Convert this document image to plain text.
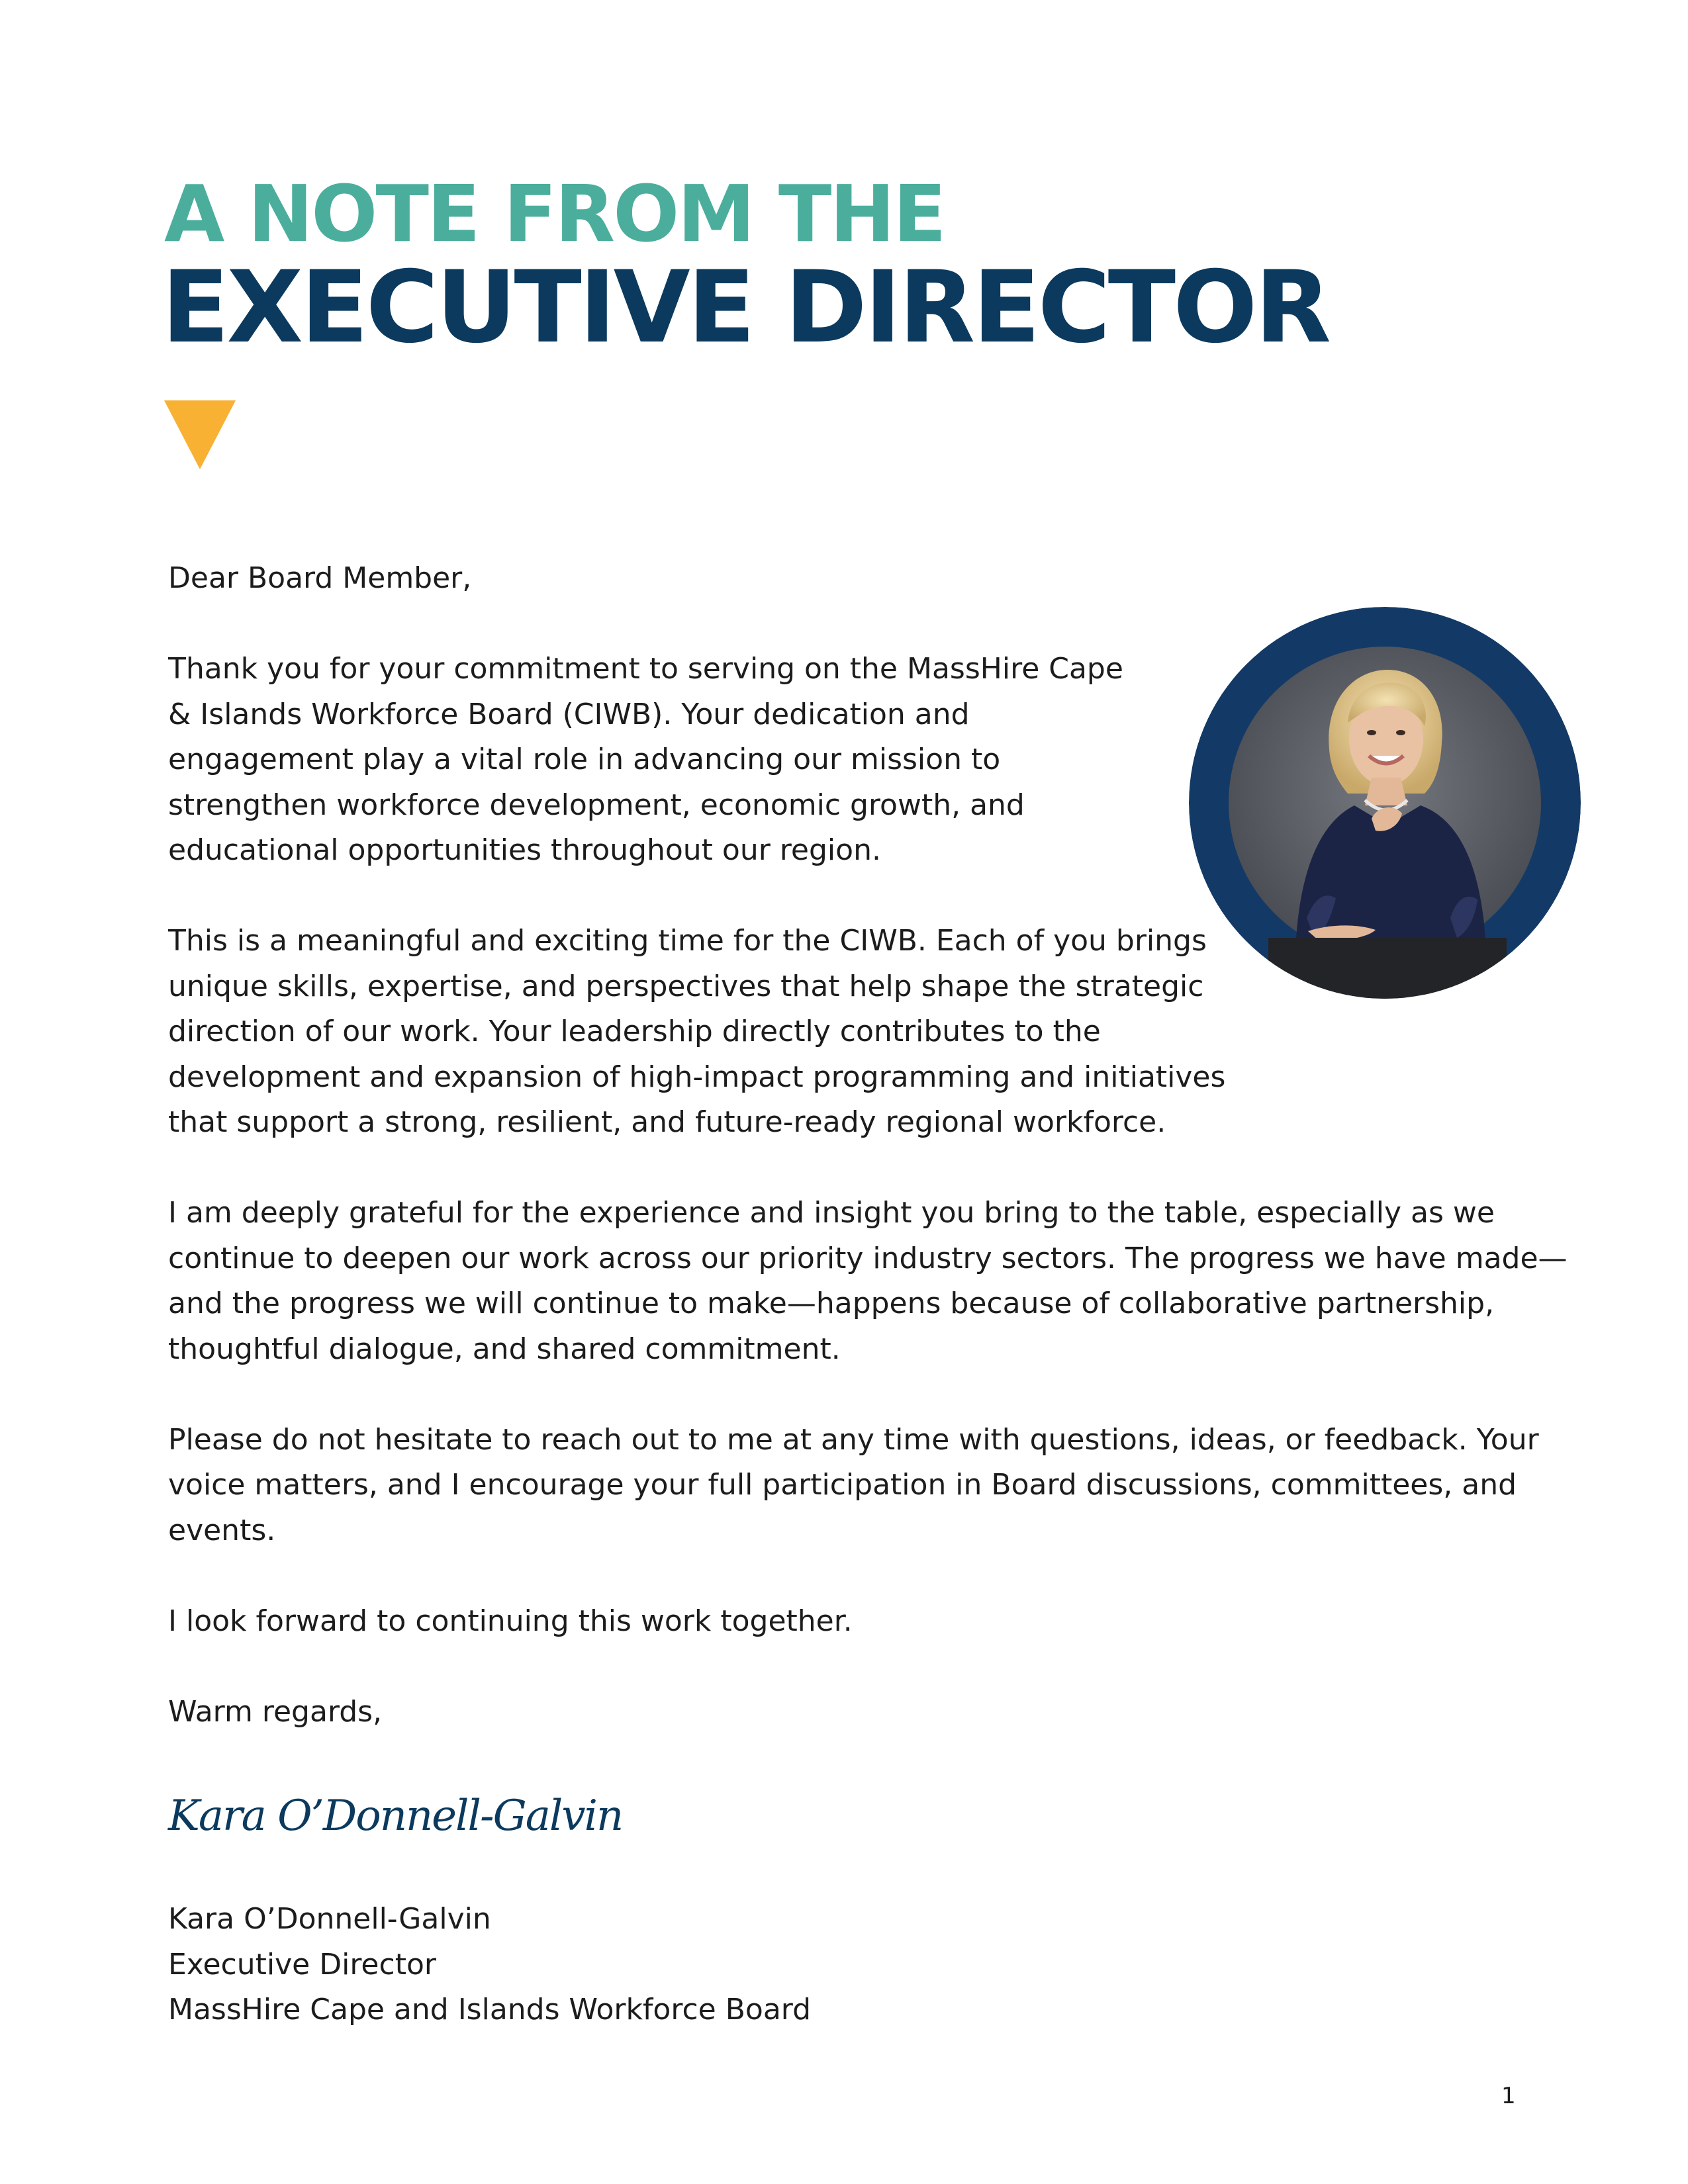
A NOTE FROM THE
EXECUTIVE DIRECTOR

Dear Board Member,

Thank you for your commitment to serving on the MassHire Cape & Islands Workforce Board (CIWB). Your dedication and engagement play a vital role in advancing our mission to strengthen workforce development, economic growth, and educational opportunities throughout our region.

This is a meaningful and exciting time for the CIWB. Each of you brings unique skills, expertise, and perspectives that help shape the strategic direction of our work. Your leadership directly contributes to the development and expansion of high-impact programming and initiatives that support a strong, resilient, and future-ready regional workforce.

I am deeply grateful for the experience and insight you bring to the table, especially as we continue to deepen our work across our priority industry sectors. The progress we have made—and the progress we will continue to make—happens because of collaborative partnership, thoughtful dialogue, and shared commitment.

Please do not hesitate to reach out to me at any time with questions, ideas, or feedback. Your voice matters, and I encourage your full participation in Board discussions, committees, and events.

I look forward to continuing this work together.

Warm regards,

Kara O’Donnell-Galvin

Kara O’Donnell-Galvin
Executive Director
MassHire Cape and Islands Workforce Board
1
